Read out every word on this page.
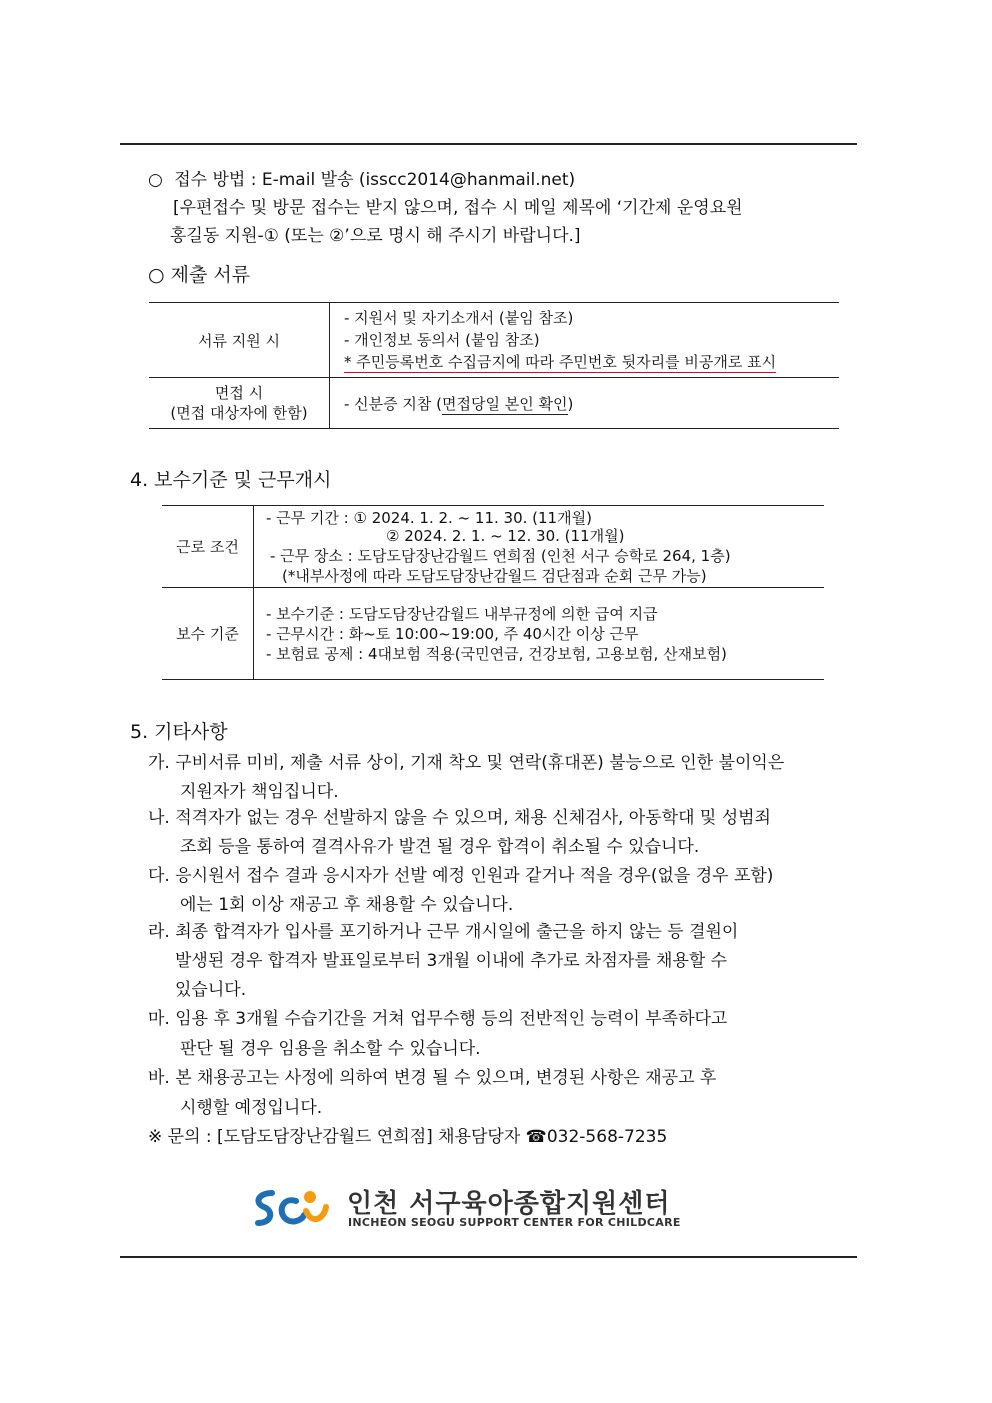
○ 접수 방법 : E-mail 발송 (isscc2014@hanmail.net)
[우편접수 및 방문 접수는 받지 않으며, 접수 시 메일 제목에 ‘기간제 운영요원
홍길동 지원-① (또는 ②’으로 명시 해 주시기 바랍니다.]
○ 제출 서류
서류 지원 시	- 지원서 및 자기소개서 (붙임 참조)
- 개인정보 동의서 (붙임 참조)
* 주민등록번호 수집금지에 따라 주민번호 뒷자리를 비공개로 표시

면접 시
(면접 대상자에 한함)	- 신분증 지참 (면접당일 본인 확인)
4. 보수기준 및 근무개시
근로 조건	- 근무 기간 : ① 2024. 1. 2. ~ 11. 30. (11개월)
② 2024. 2. 1. ~ 12. 30. (11개월)
- 근무 장소 : 도담도담장난감월드 연희점 (인천 서구 승학로 264, 1층)
(*내부사정에 따라 도담도담장난감월드 검단점과 순회 근무 가능)

보수 기준	- 보수기준 : 도담도담장난감월드 내부규정에 의한 급여 지급
- 근무시간 : 화~토 10:00~19:00, 주 40시간 이상 근무
- 보험료 공제 : 4대보험 적용(국민연금, 건강보험, 고용보험, 산재보험)
5. 기타사항
가. 구비서류 미비, 제출 서류 상이, 기재 착오 및 연락(휴대폰) 불능으로 인한 불이익은
지원자가 책임집니다.
나. 적격자가 없는 경우 선발하지 않을 수 있으며, 채용 신체검사, 아동학대 및 성범죄
조회 등을 통하여 결격사유가 발견 될 경우 합격이 취소될 수 있습니다.
다. 응시원서 접수 결과 응시자가 선발 예정 인원과 같거나 적을 경우(없을 경우 포함)
에는 1회 이상 재공고 후 채용할 수 있습니다.
라. 최종 합격자가 입사를 포기하거나 근무 개시일에 출근을 하지 않는 등 결원이
발생된 경우 합격자 발표일로부터 3개월 이내에 추가로 차점자를 채용할 수
있습니다.
마. 임용 후 3개월 수습기간을 거쳐 업무수행 등의 전반적인 능력이 부족하다고
판단 될 경우 임용을 취소할 수 있습니다.
바. 본 채용공고는 사정에 의하여 변경 될 수 있으며, 변경된 사항은 재공고 후
시행할 예정입니다.
※ 문의 : [도담도담장난감월드 연희점] 채용담당자 ☎032-568-7235
인천 서구육아종합지원센터
INCHEON SEOGU SUPPORT CENTER FOR CHILDCARE
